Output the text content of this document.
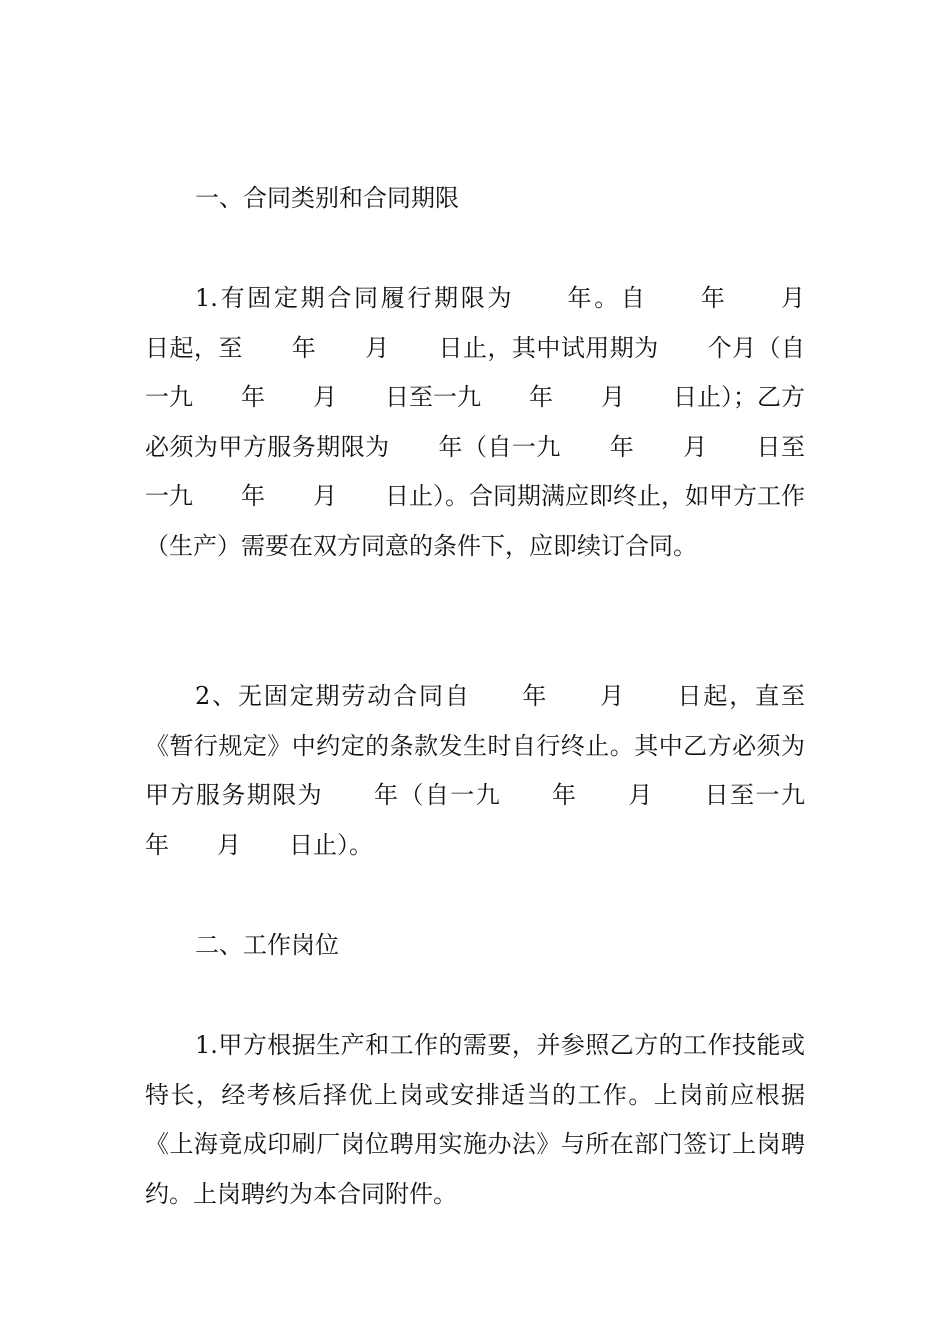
一、合同类别和合同期限
1.有固定期合同履行期限为　　年。自　　年　　月　　日起，至　　年　　月　　日止，其中试用期为　　个月（自一九　　年　　月　　日至一九　　年　　月　　日止）；乙方必须为甲方服务期限为　　年（自一九　　年　　月　　日至一九　　年　　月　　日止）。合同期满应即终止，如甲方工作（生产）需要在双方同意的条件下，应即续订合同。
2、无固定期劳动合同自　　年　　月　　日起，直至《暂行规定》中约定的条款发生时自行终止。其中乙方必须为甲方服务期限为　　年（自一九　　年　　月　　日至一九　　年　　月　　日止）。
二、工作岗位
1.甲方根据生产和工作的需要，并参照乙方的工作技能或特长，经考核后择优上岗或安排适当的工作。上岗前应根据《上海竟成印刷厂岗位聘用实施办法》与所在部门签订上岗聘约。上岗聘约为本合同附件。
